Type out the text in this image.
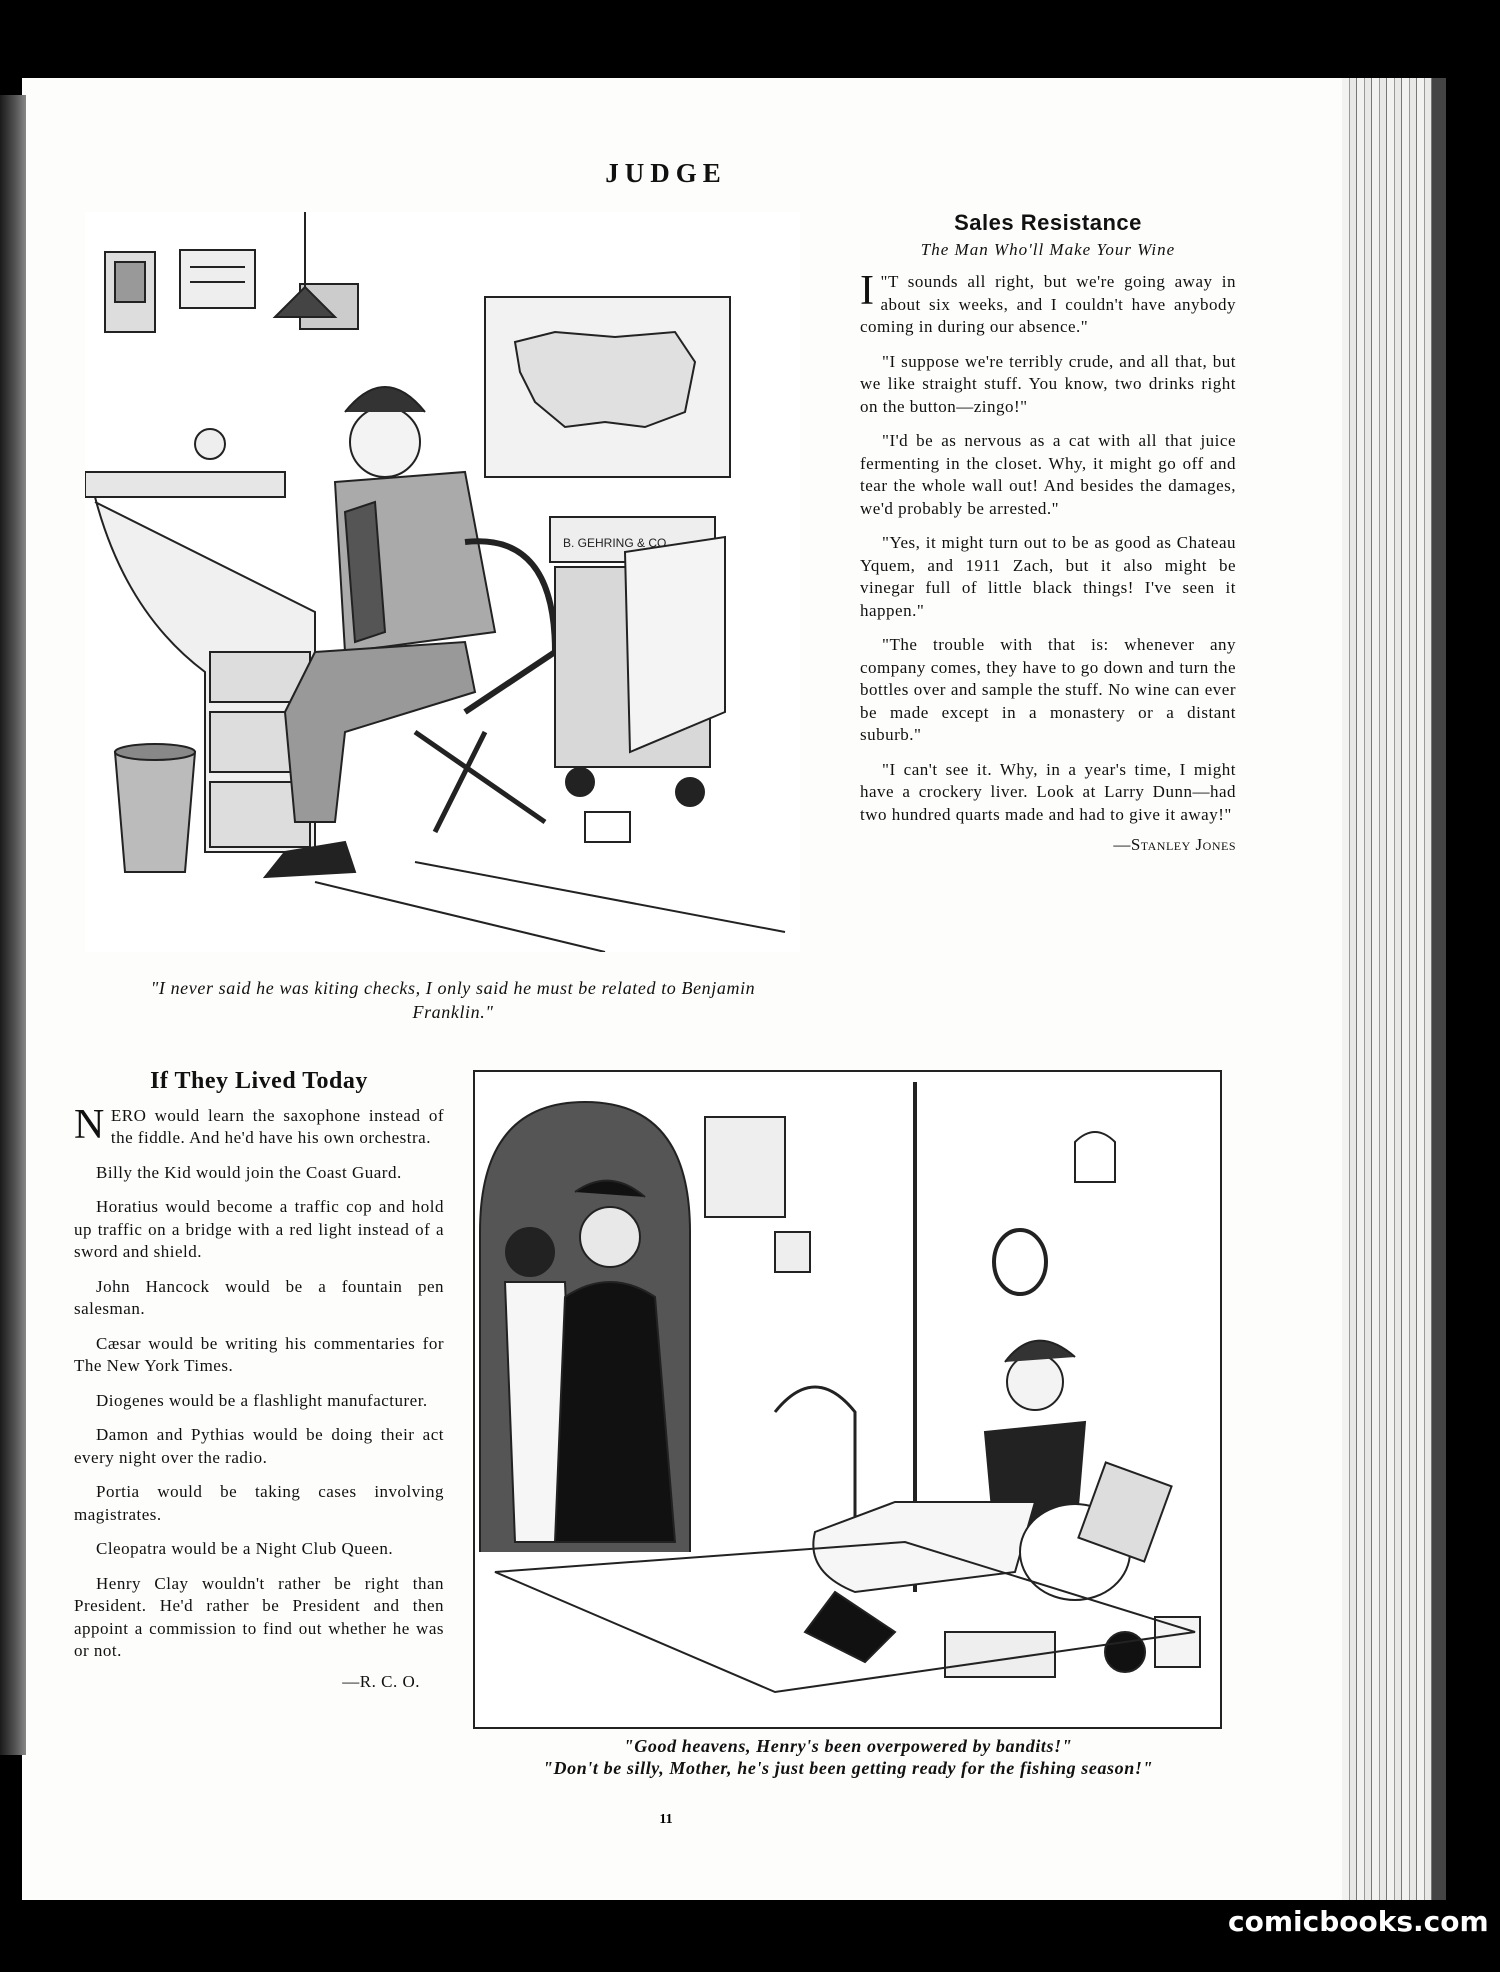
JUDGE
B. GEHRING & CO
"I never said he was kiting checks, I only said he must be related to Benjamin Franklin."
Sales Resistance
The Man Who'll Make Your Wine

"
I T sounds all right, but we're going away in about six weeks, and I couldn't have anybody coming in during our absence."

"I suppose we're terribly crude, and all that, but we like straight stuff. You know, two drinks right on the button—zingo!"

"I'd be as nervous as a cat with all that juice fermenting in the closet. Why, it might go off and tear the whole wall out! And besides the damages, we'd probably be arrested."

"Yes, it might turn out to be as good as Chateau Yquem, and 1911 Zach, but it also might be vinegar full of little black things! I've seen it happen."

"The trouble with that is: whenever any company comes, they have to go down and turn the bottles over and sample the stuff. No wine can ever be made except in a monastery or a distant suburb."

"I can't see it. Why, in a year's time, I might have a crockery liver. Look at Larry Dunn—had two hundred quarts made and had to give it away!"

—Stanley Jones
If They Lived Today

NERO would learn the saxophone instead of the fiddle. And he'd have his own orchestra.

Billy the Kid would join the Coast Guard.

Horatius would become a traffic cop and hold up traffic on a bridge with a red light instead of a sword and shield.

John Hancock would be a fountain pen salesman.

Cæsar would be writing his commentaries for The New York Times.

Diogenes would be a flashlight manufacturer.

Damon and Pythias would be doing their act every night over the radio.

Portia would be taking cases involving magistrates.

Cleopatra would be a Night Club Queen.

Henry Clay wouldn't rather be right than President. He'd rather be President and then appoint a commission to find out whether he was or not.

—R. C. O.
"Good heavens, Henry's been overpowered by bandits!"
"Don't be silly, Mother, he's just been getting ready for the fishing season!"
11
comicbooks.com
